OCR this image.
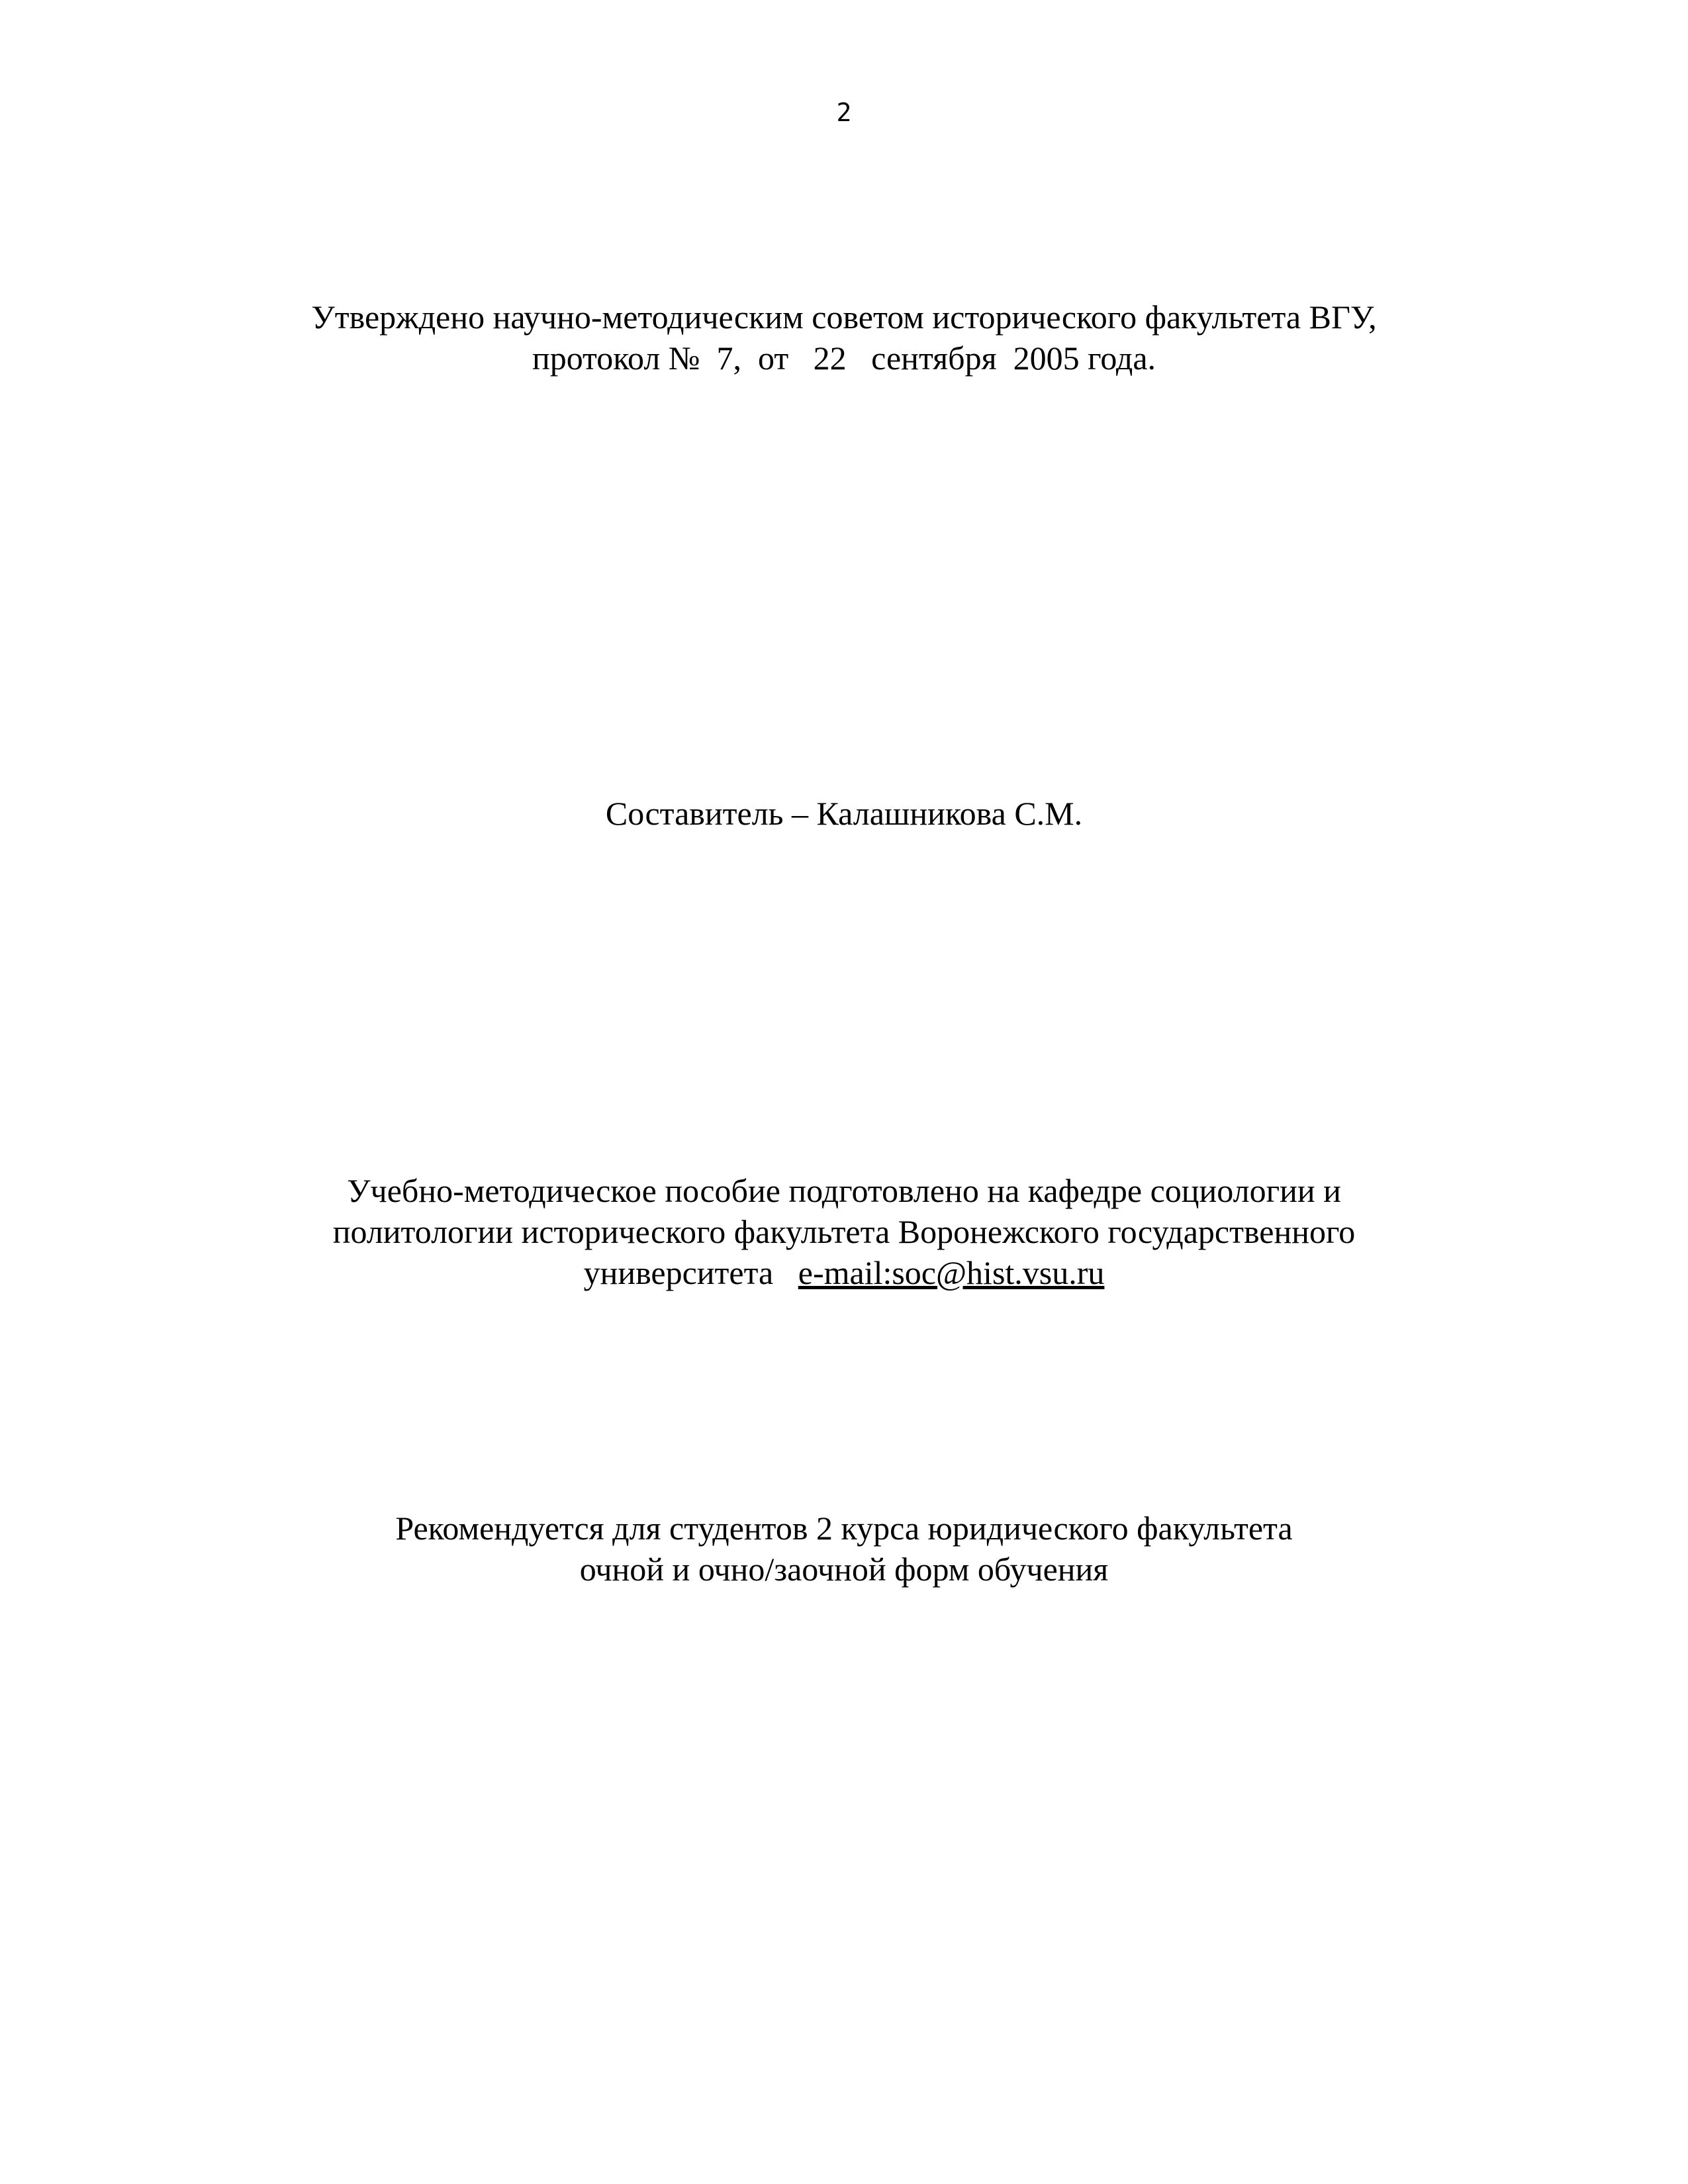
2

Утверждено научно-методическим советом исторического факультета ВГУ,

протокол №  7,  от   22   сентября  2005 года.

Составитель – Калашникова С.М.

Учебно-методическое пособие подготовлено на кафедре социологии и

политологии исторического факультета Воронежского государственного

университета   e-mail:soc@hist.vsu.ru

Рекомендуется для студентов 2 курса юридического факультета

очной и очно/заочной форм обучения
